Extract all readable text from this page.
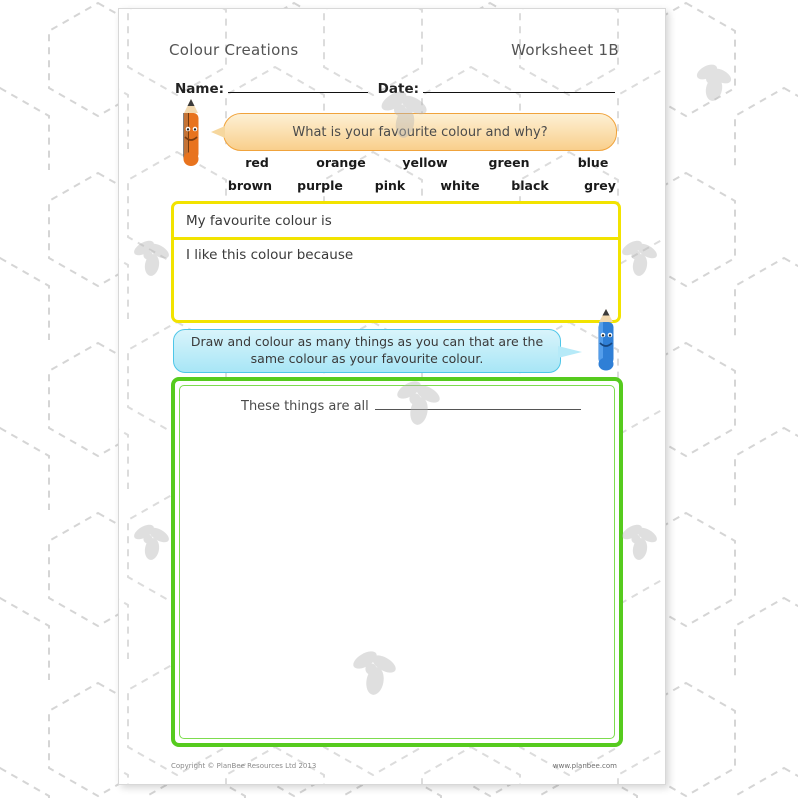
Colour Creations	Worksheet 1B
Name:	Date:
What is your favourite colour and why?
red	orange	yellow	green	blue
brown	purple	pink	white	black	grey
My favourite colour is
I like this colour because
Draw and colour as many things as you can that are the same colour as your favourite colour.
These things are all
Copyright © PlanBee Resources Ltd 2013	www.planbee.com
